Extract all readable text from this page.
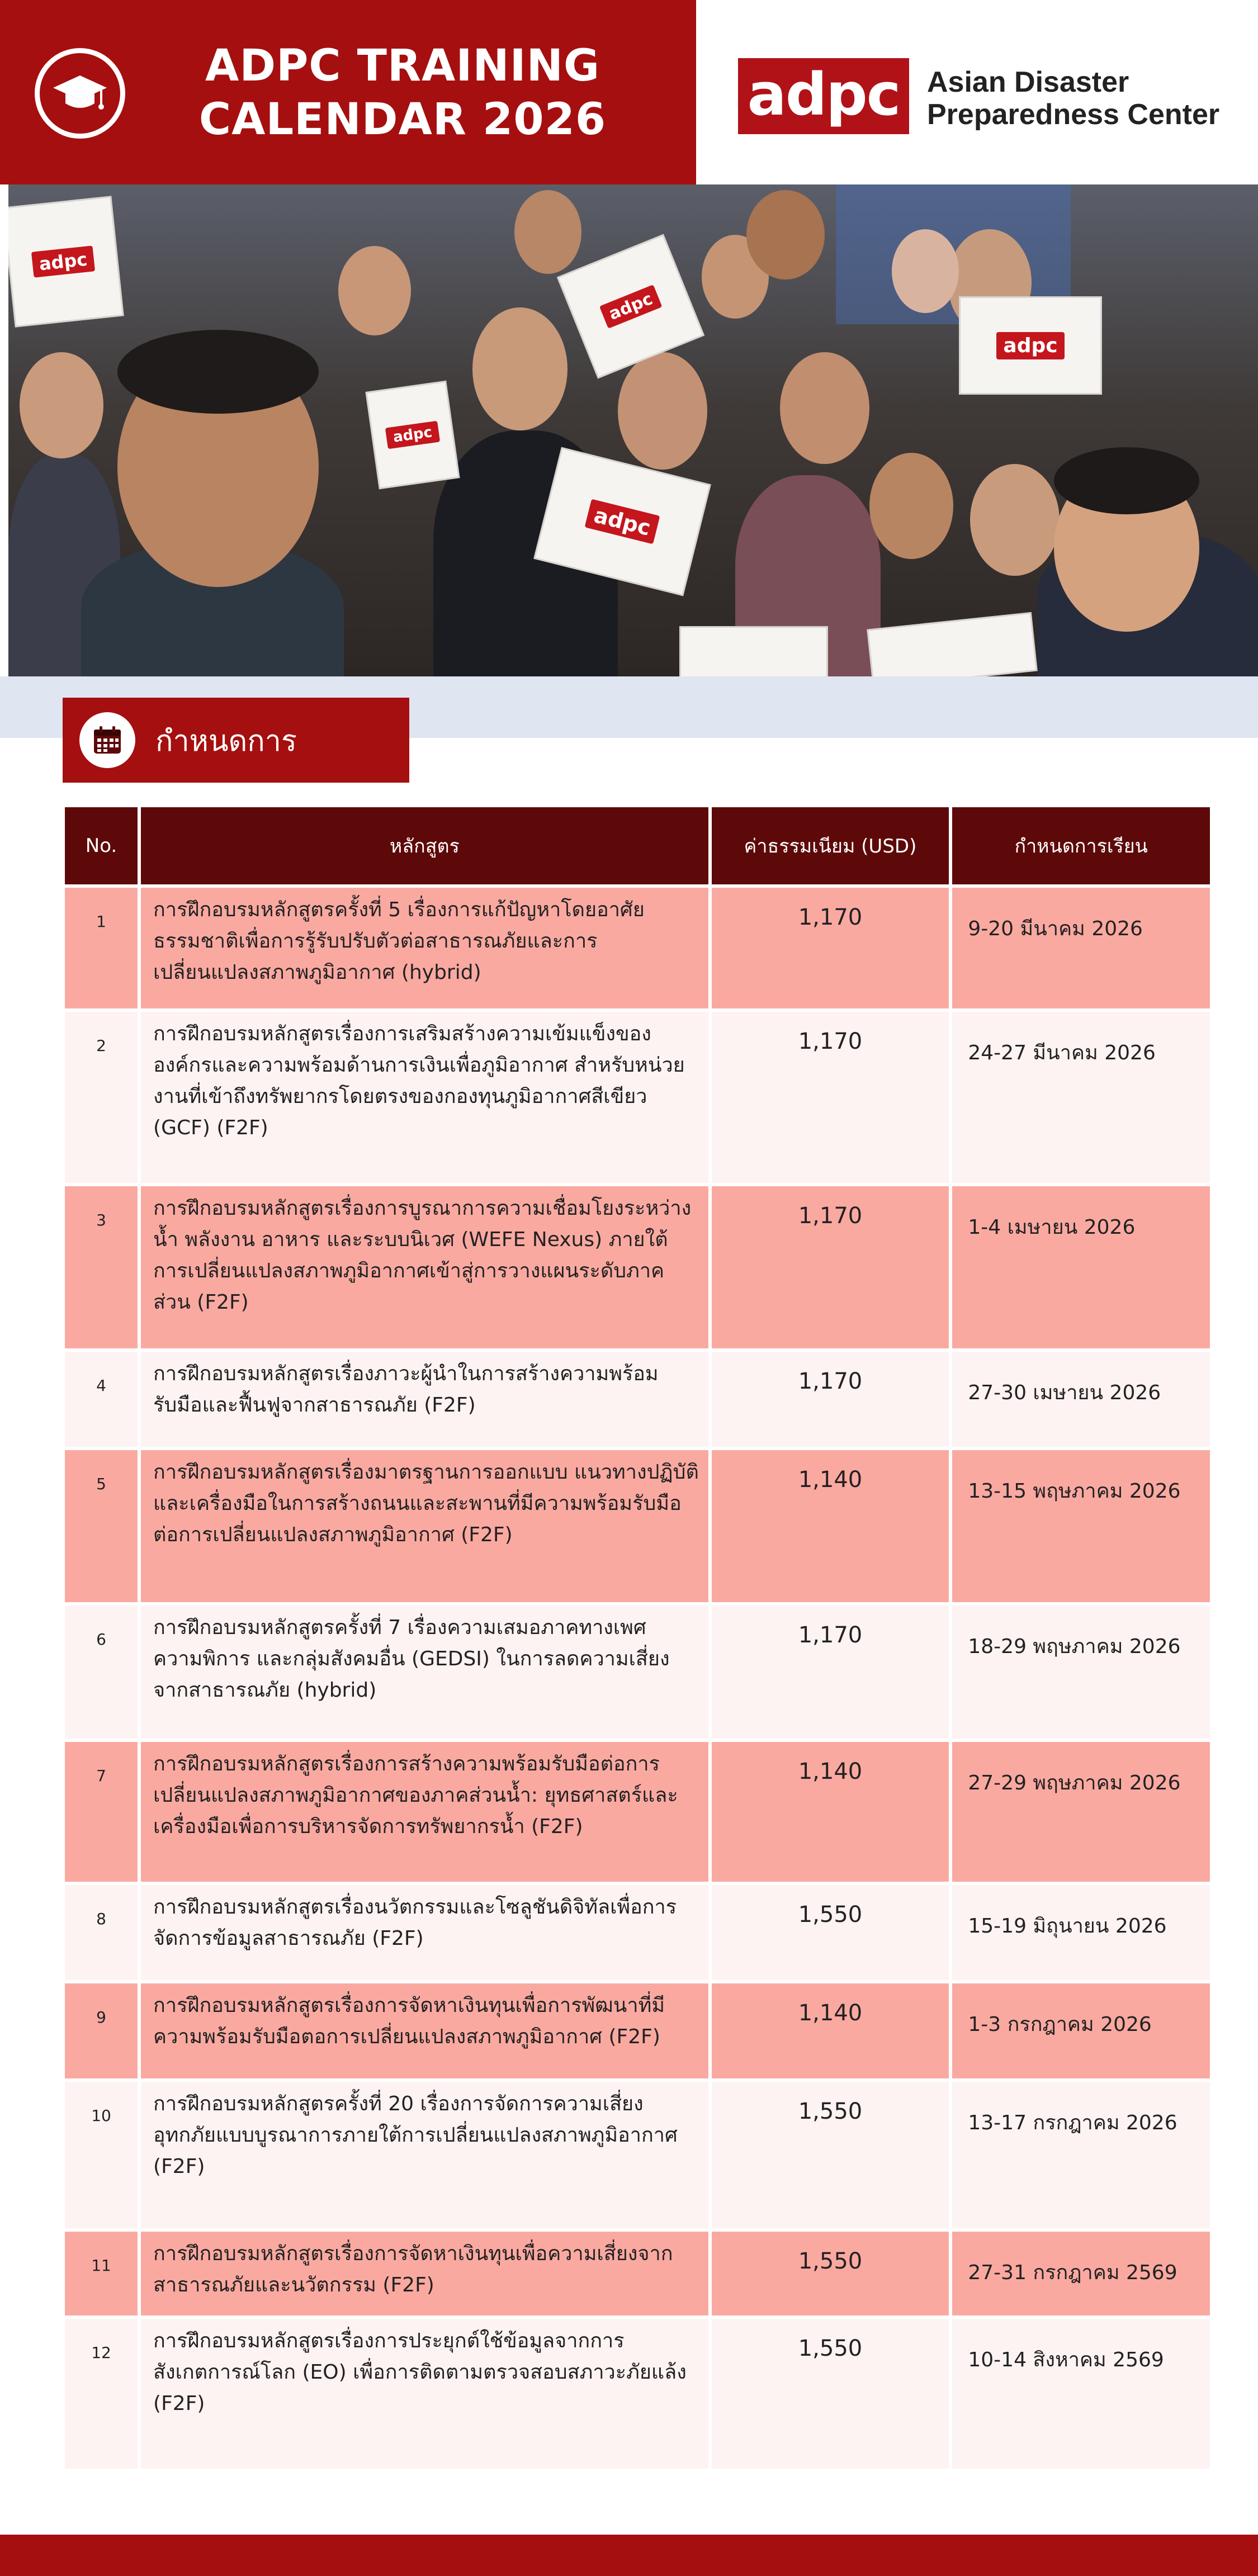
ADPC TRAINING
CALENDAR 2026 adpc Asian Disaster
Preparedness Center
adpc
adpc
adpc
adpc
adpc
กำหนดการ
No.	หลักสูตร	ค่าธรรมเนียม (USD)	กำหนดการเรียน
1	การฝึกอบรมหลักสูตรครั้งที่ 5 เรื่องการแก้ปัญหาโดยอาศัยธรรมชาติเพื่อการรู้รับปรับตัวต่อสาธารณภัยและการเปลี่ยนแปลงสภาพภูมิอากาศ (hybrid)	1,170	9-20 มีนาคม 2026
2	การฝึกอบรมหลักสูตรเรื่องการเสริมสร้างความเข้มแข็งขององค์กรและความพร้อมด้านการเงินเพื่อภูมิอากาศ สำหรับหน่วยงานที่เข้าถึงทรัพยากรโดยตรงของกองทุนภูมิอากาศสีเขียว (GCF) (F2F)	1,170	24-27 มีนาคม 2026
3	การฝึกอบรมหลักสูตรเรื่องการบูรณาการความเชื่อมโยงระหว่างน้ำ พลังงาน อาหาร และระบบนิเวศ (WEFE Nexus) ภายใต้การเปลี่ยนแปลงสภาพภูมิอากาศเข้าสู่การวางแผนระดับภาคส่วน (F2F)	1,170	1-4 เมษายน 2026
4	การฝึกอบรมหลักสูตรเรื่องภาวะผู้นำในการสร้างความพร้อมรับมือและฟื้นฟูจากสาธารณภัย (F2F)	1,170	27-30 เมษายน 2026
5	การฝึกอบรมหลักสูตรเรื่องมาตรฐานการออกแบบ แนวทางปฏิบัติ และเครื่องมือในการสร้างถนนและสะพานที่มีความพร้อมรับมือต่อการเปลี่ยนแปลงสภาพภูมิอากาศ (F2F)	1,140	13-15 พฤษภาคม 2026
6	การฝึกอบรมหลักสูตรครั้งที่ 7 เรื่องความเสมอภาคทางเพศ ความพิการ และกลุ่มสังคมอื่น (GEDSI) ในการลดความเสี่ยงจากสาธารณภัย (hybrid)	1,170	18-29 พฤษภาคม 2026
7	การฝึกอบรมหลักสูตรเรื่องการสร้างความพร้อมรับมือต่อการเปลี่ยนแปลงสภาพภูมิอากาศของภาคส่วนน้ำ: ยุทธศาสตร์และเครื่องมือเพื่อการบริหารจัดการทรัพยากรน้ำ (F2F)	1,140	27-29 พฤษภาคม 2026
8	การฝึกอบรมหลักสูตรเรื่องนวัตกรรมและโซลูชันดิจิทัลเพื่อการจัดการข้อมูลสาธารณภัย (F2F)	1,550	15-19 มิถุนายน 2026
9	การฝึกอบรมหลักสูตรเรื่องการจัดหาเงินทุนเพื่อการพัฒนาที่มีความพร้อมรับมือตอการเปลี่ยนแปลงสภาพภูมิอากาศ (F2F)	1,140	1-3 กรกฎาคม 2026
10	การฝึกอบรมหลักสูตรครั้งที่ 20 เรื่องการจัดการความเสี่ยงอุทกภัยแบบบูรณาการภายใต้การเปลี่ยนแปลงสภาพภูมิอากาศ (F2F)	1,550	13-17 กรกฎาคม 2026
11	การฝึกอบรมหลักสูตรเรื่องการจัดหาเงินทุนเพื่อความเสี่ยงจากสาธารณภัยและนวัตกรรม (F2F)	1,550	27-31 กรกฎาคม 2569
12	การฝึกอบรมหลักสูตรเรื่องการประยุกต์ใช้ข้อมูลจากการสังเกตการณ์โลก (EO) เพื่อการติดตามตรวจสอบสภาวะภัยแล้ง (F2F)	1,550	10-14 สิงหาคม 2569
